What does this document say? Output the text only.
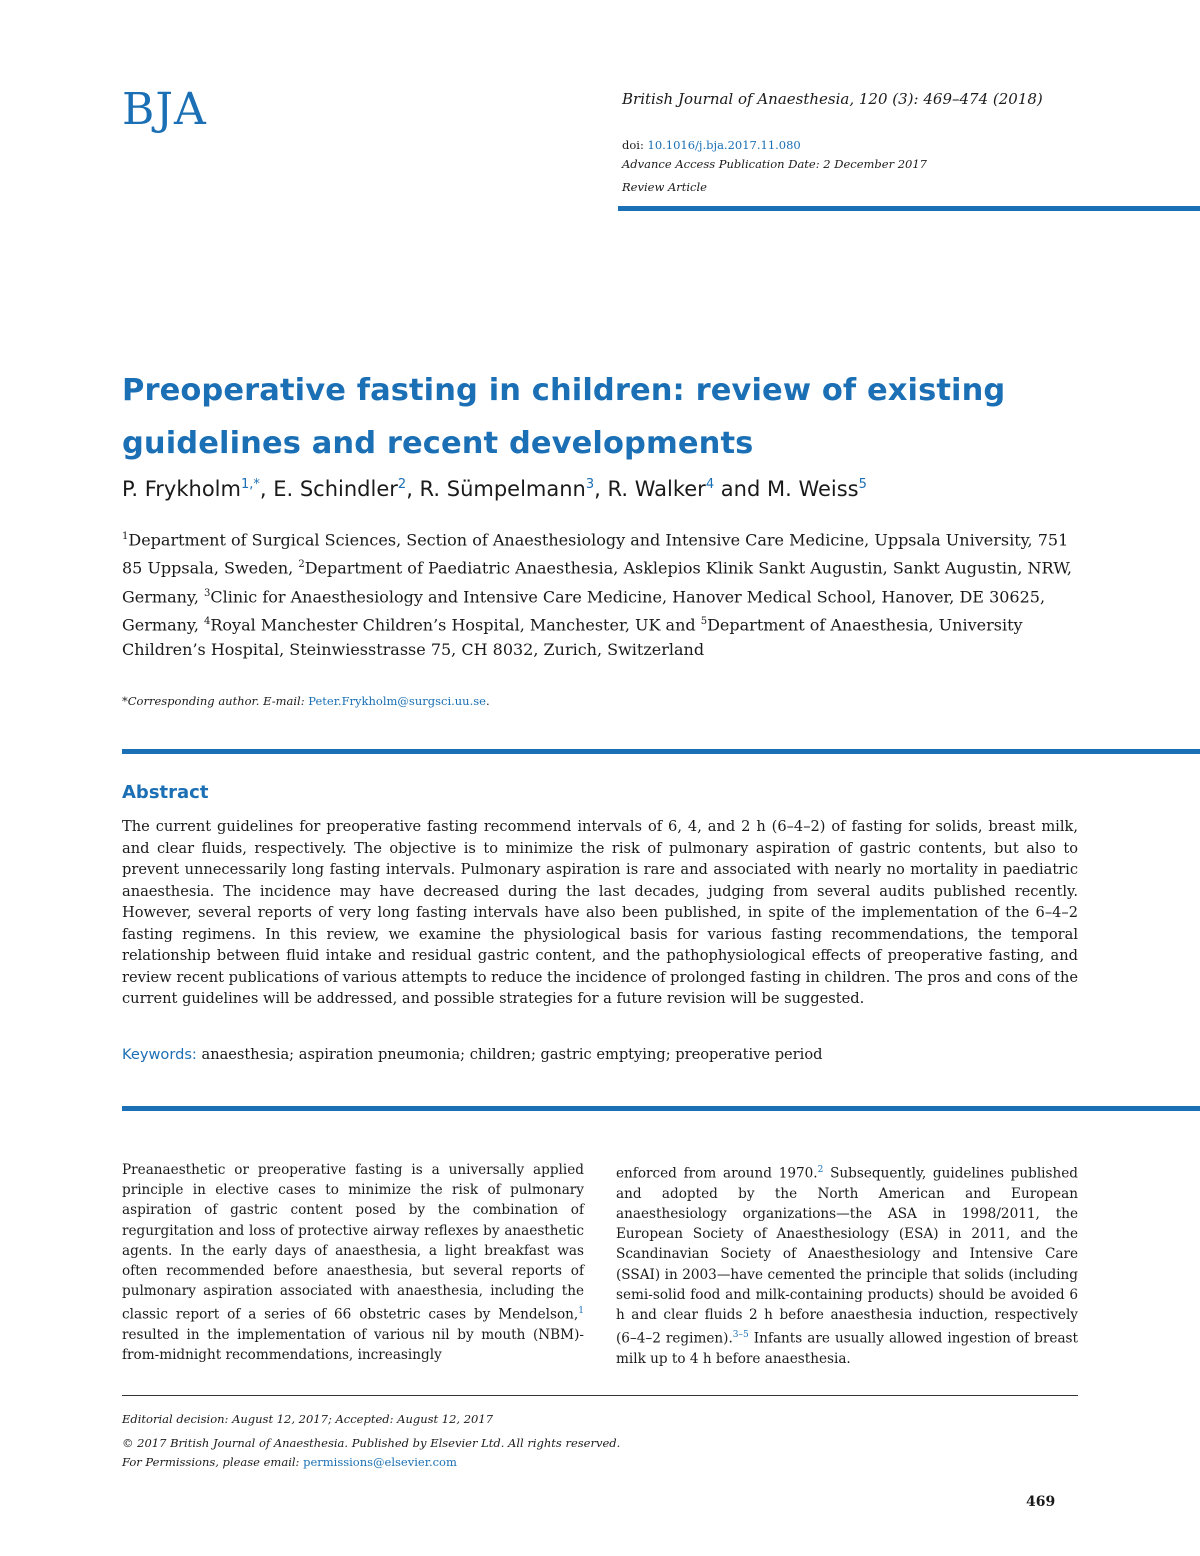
BJA	British Journal of Anaesthesia, 120 (3): 469–474 (2018)
doi: 10.1016/j.bja.2017.11.080
Advance Access Publication Date: 2 December 2017
Review Article
Preoperative fasting in children: review of existing guidelines and recent developments
P. Frykholm$^{1,*}$, E. Schindler$^2$, R. Sümpelmann$^3$, R. Walker$^4$ and M. Weiss$^5$
$^1$Department of Surgical Sciences, Section of Anaesthesiology and Intensive Care Medicine, Uppsala University, 751 85 Uppsala, Sweden, $^2$Department of Paediatric Anaesthesia, Asklepios Klinik Sankt Augustin, Sankt Augustin, NRW, Germany, $^3$Clinic for Anaesthesiology and Intensive Care Medicine, Hanover Medical School, Hanover, DE 30625, Germany, $^4$Royal Manchester Children’s Hospital, Manchester, UK and $^5$Department of Anaesthesia, University Children’s Hospital, Steinwiesstrasse 75, CH 8032, Zurich, Switzerland
*Corresponding author. E-mail: Peter.Frykholm@surgsci.uu.se.
Abstract
The current guidelines for preoperative fasting recommend intervals of 6, 4, and 2 h (6–4–2) of fasting for solids, breast milk, and clear fluids, respectively. The objective is to minimize the risk of pulmonary aspiration of gastric contents, but also to prevent unnecessarily long fasting intervals. Pulmonary aspiration is rare and associated with nearly no mortality in paediatric anaesthesia. The incidence may have decreased during the last decades, judging from several audits published recently. However, several reports of very long fasting intervals have also been published, in spite of the implementation of the 6–4–2 fasting regimens. In this review, we examine the physiological basis for various fasting recommendations, the temporal relationship between fluid intake and residual gastric content, and the pathophysiological effects of preoperative fasting, and review recent publications of various attempts to reduce the incidence of prolonged fasting in children. The pros and cons of the current guidelines will be addressed, and possible strategies for a future revision will be suggested.
Keywords: anaesthesia; aspiration pneumonia; children; gastric emptying; preoperative period
Preanaesthetic or preoperative fasting is a universally applied principle in elective cases to minimize the risk of pulmonary aspiration of gastric content posed by the combination of regurgitation and loss of protective airway reflexes by anaesthetic agents. In the early days of anaesthesia, a light breakfast was often recommended before anaesthesia, but several reports of pulmonary aspiration associated with anaesthesia, including the classic report of a series of 66 obstetric cases by Mendelson,$^1$ resulted in the implementation of various nil by mouth (NBM)-from-midnight recommendations, increasingly
enforced from around 1970.$^2$ Subsequently, guidelines published and adopted by the North American and European anaesthesiology organizations—the ASA in 1998/2011, the European Society of Anaesthesiology (ESA) in 2011, and the Scandinavian Society of Anaesthesiology and Intensive Care (SSAI) in 2003—have cemented the principle that solids (including semi-solid food and milk-containing products) should be avoided 6 h and clear fluids 2 h before anaesthesia induction, respectively (6–4–2 regimen).$^{3-5}$ Infants are usually allowed ingestion of breast milk up to 4 h before anaesthesia.
Editorial decision: August 12, 2017; Accepted: August 12, 2017
© 2017 British Journal of Anaesthesia. Published by Elsevier Ltd. All rights reserved.
For Permissions, please email: permissions@elsevier.com
469
